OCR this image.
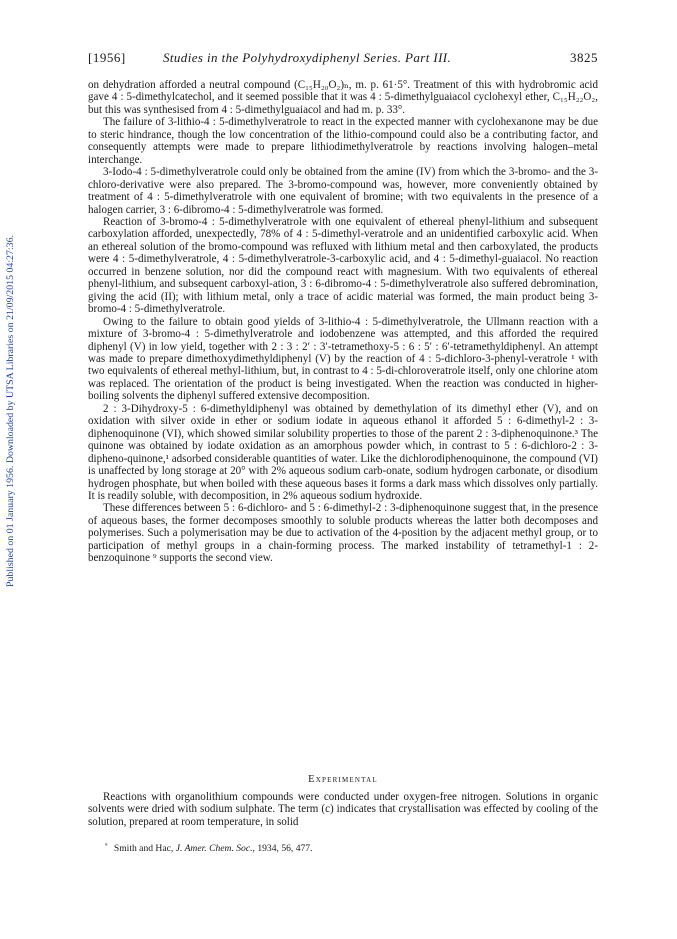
Published on 01 January 1956. Downloaded by UTSA Libraries on 21/09/2015 04:27:36.
[1956]	Studies in the Polyhydroxydiphenyl Series. Part III.	3825

on dehydration afforded a neutral compound (C₁₅H₂₀O₂)ₙ, m. p. 61·5°. Treatment of this with hydrobromic acid gave 4 : 5-dimethylcatechol, and it seemed possible that it was 4 : 5-dimethylguaiacol cyclohexyl ether, C₁₅H₂₂O₂, but this was synthesised from 4 : 5-dimethylguaiacol and had m. p. 33°.

The failure of 3-lithio-4 : 5-dimethylveratrole to react in the expected manner with cyclohexanone may be due to steric hindrance, though the low concentration of the lithio-compound could also be a contributing factor, and consequently attempts were made to prepare lithiodimethylveratrole by reactions involving halogen–metal interchange.

3-Iodo-4 : 5-dimethylveratrole could only be obtained from the amine (IV) from which the 3-bromo- and the 3-chloro-derivative were also prepared. The 3-bromo-compound was, however, more conveniently obtained by treatment of 4 : 5-dimethylveratrole with one equivalent of bromine; with two equivalents in the presence of a halogen carrier, 3 : 6-dibromo-4 : 5-dimethylveratrole was formed.

Reaction of 3-bromo-4 : 5-dimethylveratrole with one equivalent of ethereal phenyl-lithium and subsequent carboxylation afforded, unexpectedly, 78% of 4 : 5-dimethyl-veratrole and an unidentified carboxylic acid. When an ethereal solution of the bromo-compound was refluxed with lithium metal and then carboxylated, the products were 4 : 5-dimethylveratrole, 4 : 5-dimethylveratrole-3-carboxylic acid, and 4 : 5-dimethyl-guaiacol. No reaction occurred in benzene solution, nor did the compound react with magnesium. With two equivalents of ethereal phenyl-lithium, and subsequent carboxyl-ation, 3 : 6-dibromo-4 : 5-dimethylveratrole also suffered debromination, giving the acid (II); with lithium metal, only a trace of acidic material was formed, the main product being 3-bromo-4 : 5-dimethylveratrole.

Owing to the failure to obtain good yields of 3-lithio-4 : 5-dimethylveratrole, the Ullmann reaction with a mixture of 3-bromo-4 : 5-dimethylveratrole and iodobenzene was attempted, and this afforded the required diphenyl (V) in low yield, together with 2 : 3 : 2′ : 3′-tetramethoxy-5 : 6 : 5′ : 6′-tetramethyldiphenyl. An attempt was made to prepare dimethoxydimethyldiphenyl (V) by the reaction of 4 : 5-dichloro-3-phenyl-veratrole ¹ with two equivalents of ethereal methyl-lithium, but, in contrast to 4 : 5-di-chloroveratrole itself, only one chlorine atom was replaced. The orientation of the product is being investigated. When the reaction was conducted in higher-boiling solvents the diphenyl suffered extensive decomposition.

2 : 3-Dihydroxy-5 : 6-dimethyldiphenyl was obtained by demethylation of its dimethyl ether (V), and on oxidation with silver oxide in ether or sodium iodate in aqueous ethanol it afforded 5 : 6-dimethyl-2 : 3-diphenoquinone (VI), which showed similar solubility properties to those of the parent 2 : 3-diphenoquinone.³ The quinone was obtained by iodate oxidation as an amorphous powder which, in contrast to 5 : 6-dichloro-2 : 3-dipheno-quinone,¹ adsorbed considerable quantities of water. Like the dichlorodiphenoquinone, the compound (VI) is unaffected by long storage at 20° with 2% aqueous sodium carb-onate, sodium hydrogen carbonate, or disodium hydrogen phosphate, but when boiled with these aqueous bases it forms a dark mass which dissolves only partially. It is readily soluble, with decomposition, in 2% aqueous sodium hydroxide.

These differences between 5 : 6-dichloro- and 5 : 6-dimethyl-2 : 3-diphenoquinone suggest that, in the presence of aqueous bases, the former decomposes smoothly to soluble products whereas the latter both decomposes and polymerises. Such a polymerisation may be due to activation of the 4-position by the adjacent methyl group, or to participation of methyl groups in a chain-forming process. The marked instability of tetramethyl-1 : 2-benzoquinone ⁹ supports the second view.

Experimental

Reactions with organolithium compounds were conducted under oxygen-free nitrogen. Solutions in organic solvents were dried with sodium sulphate. The term (c) indicates that crystallisation was effected by cooling of the solution, prepared at room temperature, in solid

$^{^9}$ Smith and Hac, J. Amer. Chem. Soc., 1934, 56, 477.
